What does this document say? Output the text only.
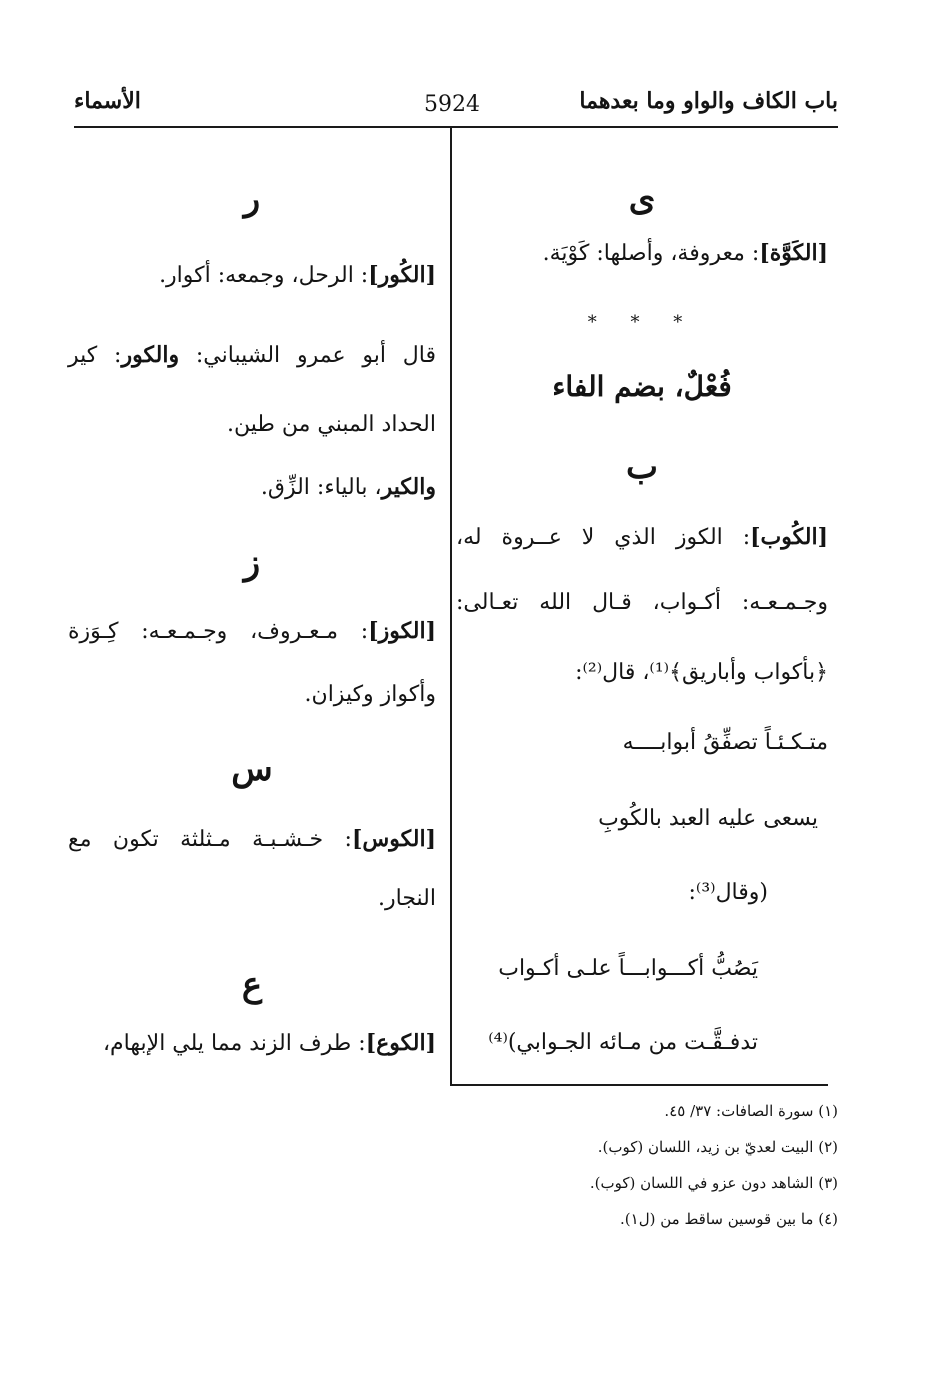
باب الكاف والواو وما بعدهما
5924
الأسماء
ى
[الكَوَّة]: معروفة، وأصلها: كَوْيَة.
* * *
فُعْلٌ، بضم الفاء
ب
[الكُوب]: الكوز الذي لا عــروة له،
وجـمـعـه: أكـواب، قـال الله تعـالى:
﴿بأكواب وأباريق﴾⁽¹⁾، قال⁽²⁾:
متـكـئـاً تصفِّقُ أبوابــــه
يسعى عليه العبد بالكُوبِ
(وقال⁽³⁾:
يَصُبُّ أكـــوابـــاً علـى أكـواب
تدفـقَّـت من مـائه الجـوابي)⁽⁴⁾
ر
[الكُور]: الرحل، وجمعه: أكوار.
قال أبو عمرو الشيباني: والكور: كير
الحداد المبني من طين.
والكير، بالياء: الزِّق.
ز
[الكوز]: مـعـروف، وجـمـعـه: كِـوَزة
وأكواز وكيزان.
س
[الكوس]: خـشـبـة مـثلثة تكون مع
النجار.
ع
[الكوع]: طرف الزند مما يلي الإبهام،
(١) سورة الصافات: ٣٧/ ٤٥.
(٢) البيت لعديّ بن زيد، اللسان (كوب).
(٣) الشاهد دون عزو في اللسان (كوب).
(٤) ما بين قوسين ساقط من (ل١).
